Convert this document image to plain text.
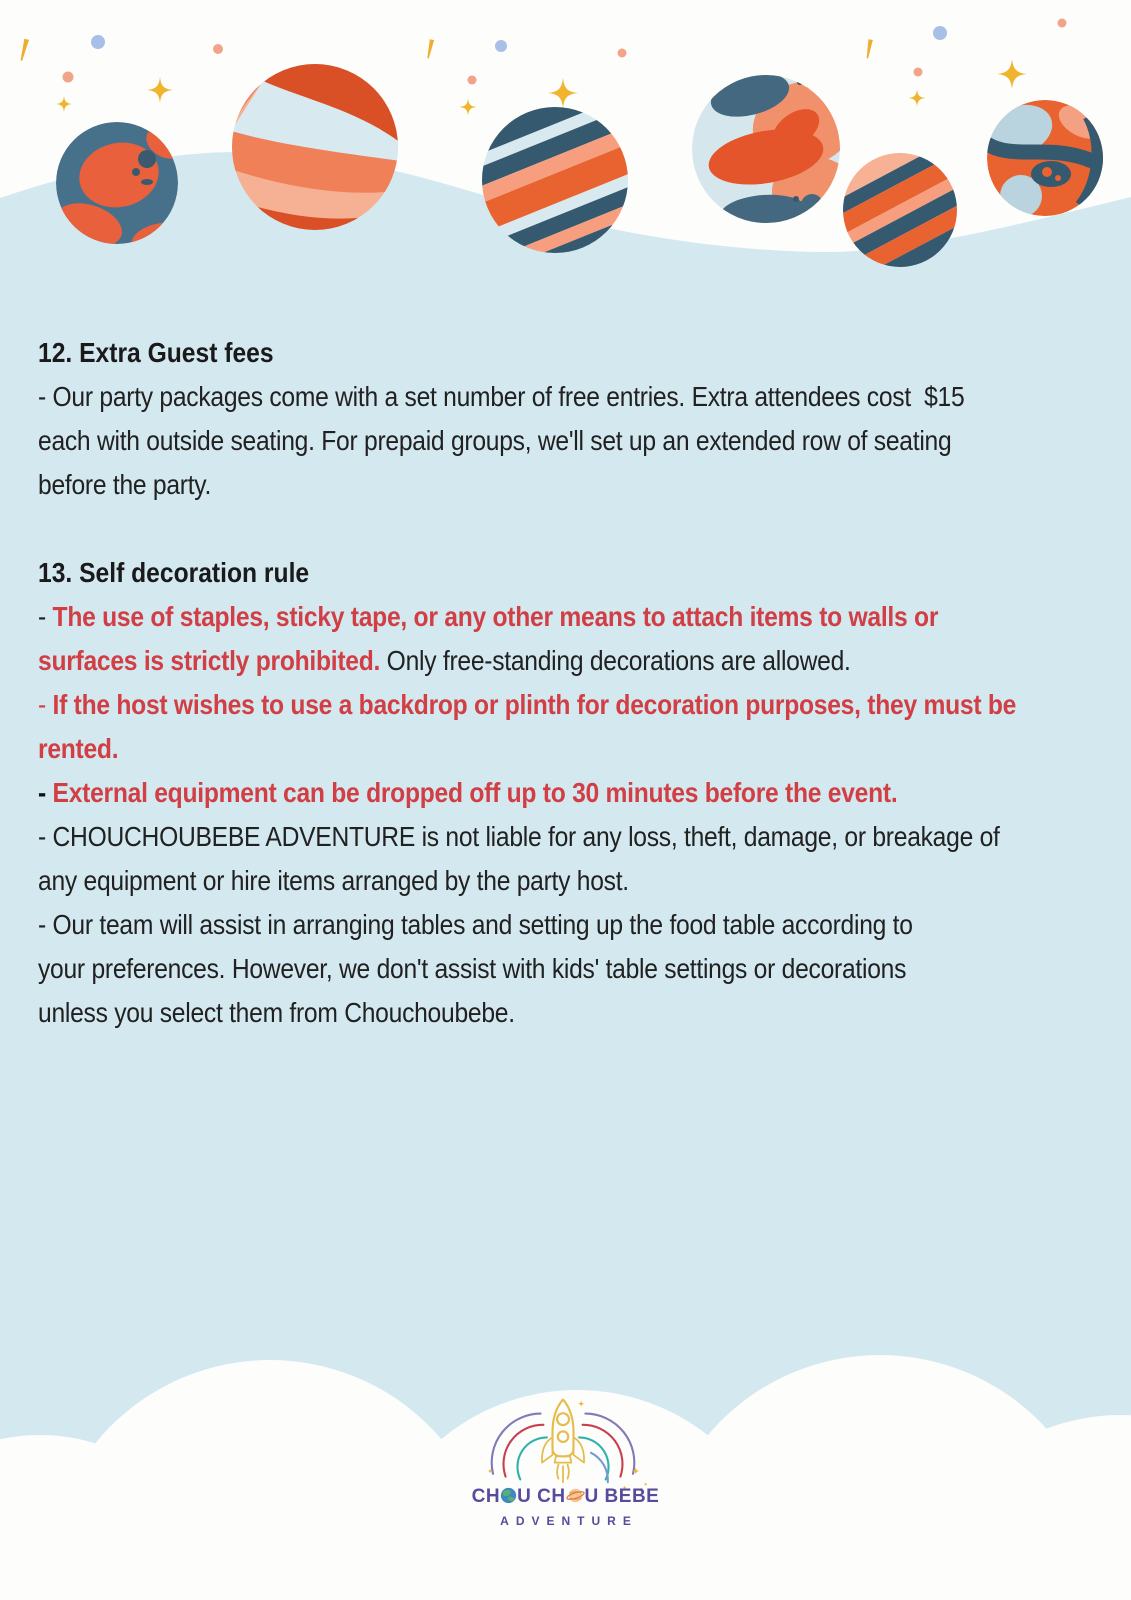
12. Extra Guest fees
- Our party packages come with a set number of free entries. Extra attendees cost  $15
each with outside seating. For prepaid groups, we'll set up an extended row of seating
before the party.
13. Self decoration rule
- The use of staples, sticky tape, or any other means to attach items to walls or
surfaces is strictly prohibited. Only free-standing decorations are allowed.
- If the host wishes to use a backdrop or plinth for decoration purposes, they must be
rented.
- External equipment can be dropped off up to 30 minutes before the event.
- CHOUCHOUBEBE ADVENTURE is not liable for any loss, theft, damage, or breakage of
any equipment or hire items arranged by the party host.
- Our team will assist in arranging tables and setting up the food table according to
your preferences. However, we don't assist with kids' table settings or decorations
unless you select them from Chouchoubebe.
CH U CH U BEBE
ADVENTURE
